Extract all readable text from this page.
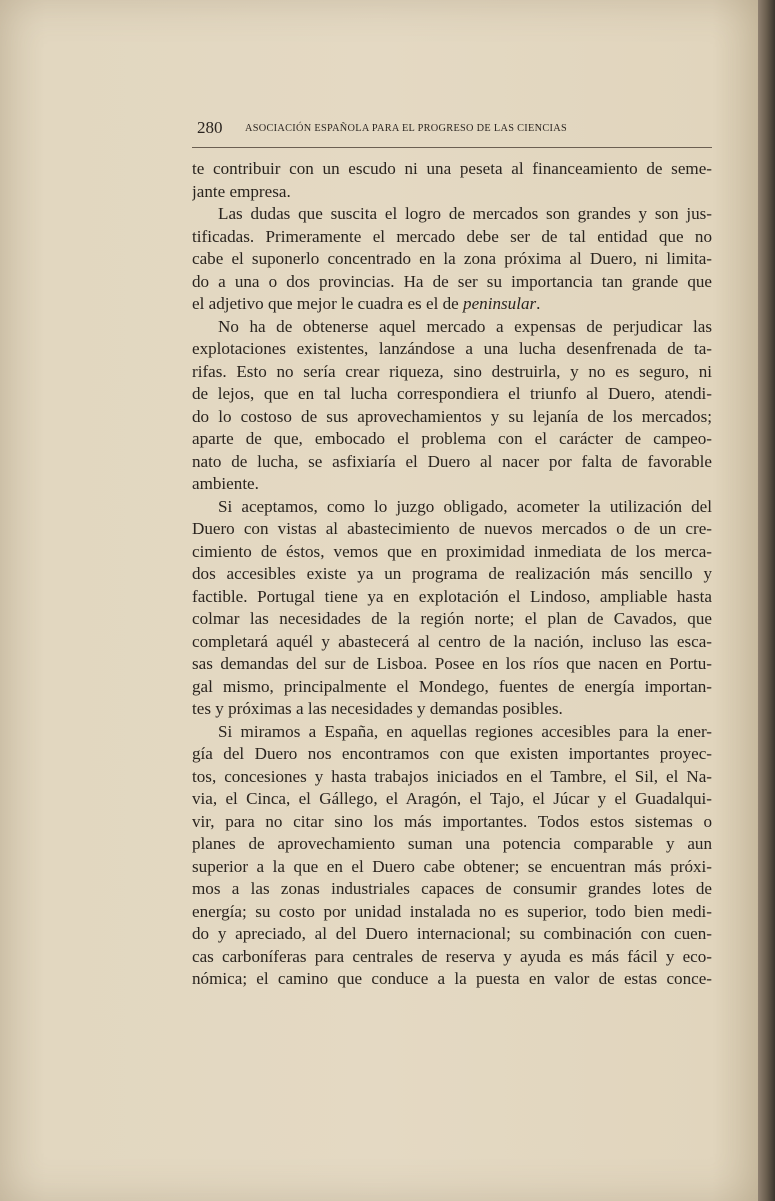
280 ASOCIACIÓN ESPAÑOLA PARA EL PROGRESO DE LAS CIENCIAS
te contribuir con un escudo ni una peseta al financeamiento de seme-
jante empresa.
Las dudas que suscita el logro de mercados son grandes y son jus-
tificadas. Primeramente el mercado debe ser de tal entidad que no
cabe el suponerlo concentrado en la zona próxima al Duero, ni limita-
do a una o dos provincias. Ha de ser su importancia tan grande que
el adjetivo que mejor le cuadra es el de peninsular.
No ha de obtenerse aquel mercado a expensas de perjudicar las
explotaciones existentes, lanzándose a una lucha desenfrenada de ta-
rifas. Esto no sería crear riqueza, sino destruirla, y no es seguro, ni
de lejos, que en tal lucha correspondiera el triunfo al Duero, atendi-
do lo costoso de sus aprovechamientos y su lejanía de los mercados;
aparte de que, embocado el problema con el carácter de campeo-
nato de lucha, se asfixiaría el Duero al nacer por falta de favorable
ambiente.
Si aceptamos, como lo juzgo obligado, acometer la utilización del
Duero con vistas al abastecimiento de nuevos mercados o de un cre-
cimiento de éstos, vemos que en proximidad inmediata de los merca-
dos accesibles existe ya un programa de realización más sencillo y
factible. Portugal tiene ya en explotación el Lindoso, ampliable hasta
colmar las necesidades de la región norte; el plan de Cavados, que
completará aquél y abastecerá al centro de la nación, incluso las esca-
sas demandas del sur de Lisboa. Posee en los ríos que nacen en Portu-
gal mismo, principalmente el Mondego, fuentes de energía importan-
tes y próximas a las necesidades y demandas posibles.
Si miramos a España, en aquellas regiones accesibles para la ener-
gía del Duero nos encontramos con que existen importantes proyec-
tos, concesiones y hasta trabajos iniciados en el Tambre, el Sil, el Na-
via, el Cinca, el Gállego, el Aragón, el Tajo, el Júcar y el Guadalqui-
vir, para no citar sino los más importantes. Todos estos sistemas o
planes de aprovechamiento suman una potencia comparable y aun
superior a la que en el Duero cabe obtener; se encuentran más próxi-
mos a las zonas industriales capaces de consumir grandes lotes de
energía; su costo por unidad instalada no es superior, todo bien medi-
do y apreciado, al del Duero internacional; su combinación con cuen-
cas carboníferas para centrales de reserva y ayuda es más fácil y eco-
nómica; el camino que conduce a la puesta en valor de estas conce-
